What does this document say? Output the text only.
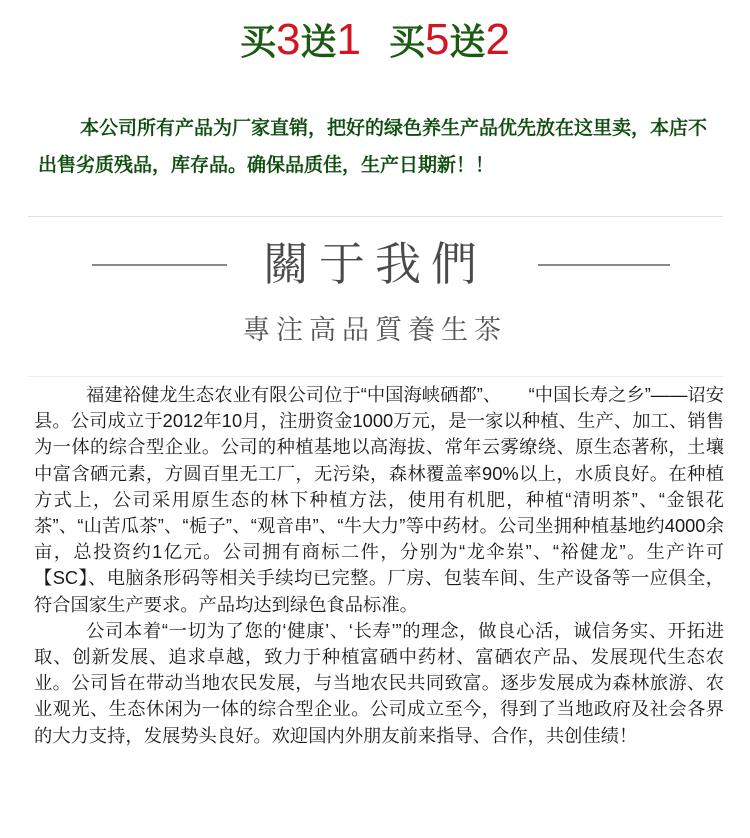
买3送1 买5送2

本公司所有产品为厂家直销，把好的绿色养生产品优先放在这里卖，本店不出售劣质残品，库存品。确保品质佳，生产日期新！！

關于我們
專注高品質養生茶

福建裕健龙生态农业有限公司位于“中国海峡硒都”、　　“中国长寿之乡”——诏安县。公司成立于2012年10月，注册资金1000万元，是一家以种植、生产、加工、销售为一体的综合型企业。公司的种植基地以高海拔、常年云雾缭绕、原生态著称，土壤中富含硒元素，方圆百里无工厂，无污染，森林覆盖率90%以上，水质良好。在种植方式上，公司采用原生态的林下种植方法，使用有机肥，种植“清明茶”、“金银花茶”、“山苦瓜茶”、“栀子”、“观音串”、“牛大力”等中药材。公司坐拥种植基地约4000余亩，总投资约1亿元。公司拥有商标二件，分别为“龙伞岽”、“裕健龙”。生产许可【SC】、电脑条形码等相关手续均已完整。厂房、包装车间、生产设备等一应俱全，符合国家生产要求。产品均达到绿色食品标准。

公司本着“一切为了您的‘健康’、‘长寿’”的理念，做良心活，诚信务实、开拓进取、创新发展、追求卓越，致力于种植富硒中药材、富硒农产品、发展现代生态农业。公司旨在带动当地农民发展，与当地农民共同致富。逐步发展成为森林旅游、农业观光、生态休闲为一体的综合型企业。公司成立至今，得到了当地政府及社会各界的大力支持，发展势头良好。欢迎国内外朋友前来指导、合作，共创佳绩！
